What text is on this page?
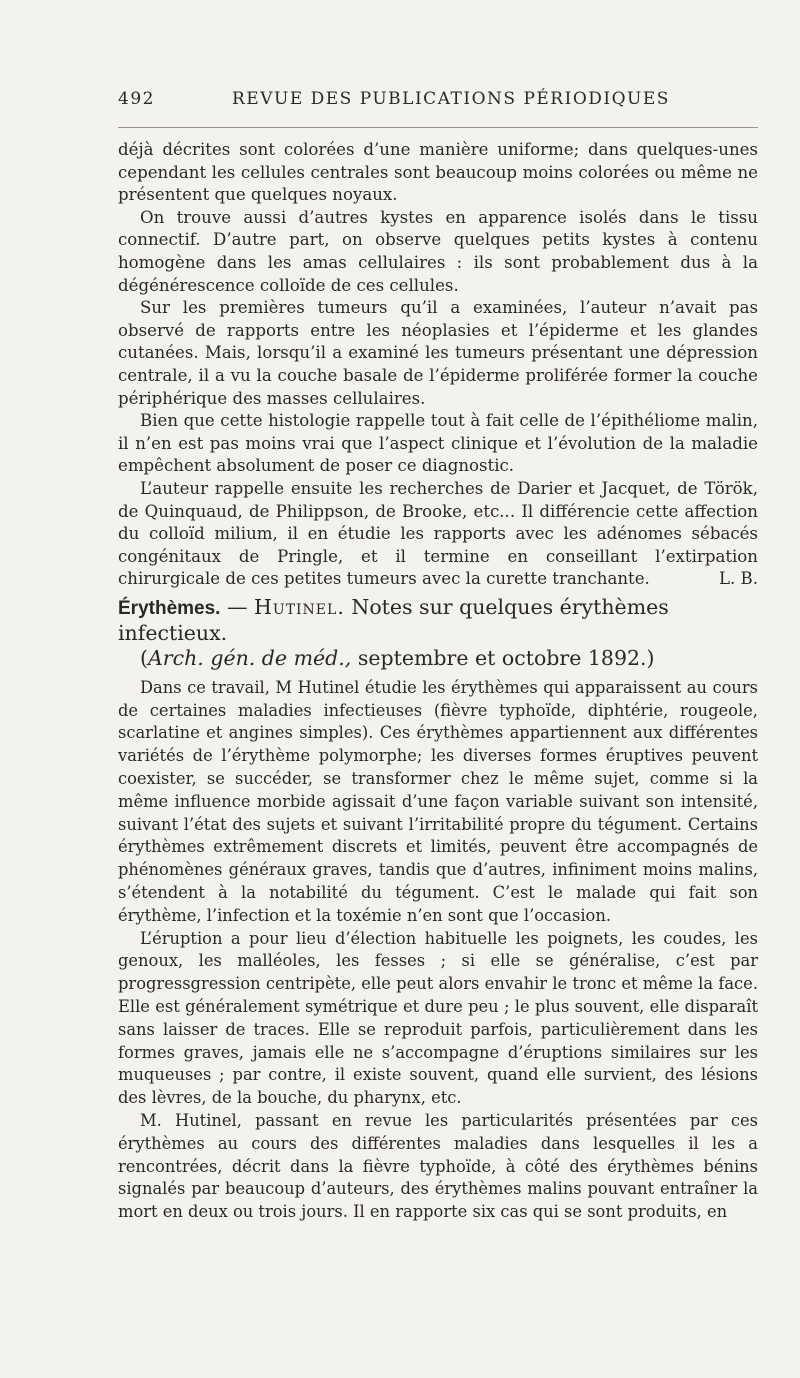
492	REVUE DES PUBLICATIONS PÉRIODIQUES

déjà décrites sont colorées d’une manière uniforme; dans quelques-unes cependant les cellules centrales sont beaucoup moins colorées ou même ne présentent que quelques noyaux.

On trouve aussi d’autres kystes en apparence isolés dans le tissu connectif. D’autre part, on observe quelques petits kystes à contenu homogène dans les amas cellulaires : ils sont probablement dus à la dégénérescence colloïde de ces cellules.

Sur les premières tumeurs qu’il a examinées, l’auteur n’avait pas observé de rapports entre les néoplasies et l’épiderme et les glandes cutanées. Mais, lorsqu’il a examiné les tumeurs présentant une dépression centrale, il a vu la couche basale de l’épiderme proliférée former la couche périphérique des masses cellulaires.

Bien que cette histologie rappelle tout à fait celle de l’épithéliome malin, il n’en est pas moins vrai que l’aspect clinique et l’évolution de la maladie empêchent absolument de poser ce diagnostic.

L’auteur rappelle ensuite les recherches de Darier et Jacquet, de Török, de Quinquaud, de Philippson, de Brooke, etc... Il différencie cette affection du colloïd milium, il en étudie les rapports avec les adénomes sébacés congénitaux de Pringle, et il termine en conseillant l’extirpation chirurgicale de ces petites tumeurs avec la curette tranchante.	L. B.

Érythèmes. — Hutinel. Notes sur quelques érythèmes infectieux.
(Arch. gén. de méd., septembre et octobre 1892.)

Dans ce travail, M Hutinel étudie les érythèmes qui apparaissent au cours de certaines maladies infectieuses (fièvre typhoïde, diphtérie, rougeole, scarlatine et angines simples). Ces érythèmes appartiennent aux différentes variétés de l’érythème polymorphe; les diverses formes éruptives peuvent coexister, se succéder, se transformer chez le même sujet, comme si la même influence morbide agissait d’une façon variable suivant son intensité, suivant l’état des sujets et suivant l’irritabilité propre du tégument. Certains érythèmes extrêmement discrets et limités, peuvent être accompagnés de phénomènes généraux graves, tandis que d’autres, infiniment moins malins, s’étendent à la notabilité du tégument. C’est le malade qui fait son érythème, l’infection et la toxémie n’en sont que l’occasion.

L’éruption a pour lieu d’élection habituelle les poignets, les coudes, les genoux, les malléoles, les fesses ; si elle se généralise, c’est par progressgression centripète, elle peut alors envahir le tronc et même la face. Elle est généralement symétrique et dure peu ; le plus souvent, elle disparaît sans laisser de traces. Elle se reproduit parfois, particulièrement dans les formes graves, jamais elle ne s’accompagne d’éruptions similaires sur les muqueuses ; par contre, il existe souvent, quand elle survient, des lésions des lèvres, de la bouche, du pharynx, etc.

M. Hutinel, passant en revue les particularités présentées par ces érythèmes au cours des différentes maladies dans lesquelles il les a rencontrées, décrit dans la fièvre typhoïde, à côté des érythèmes bénins signalés par beaucoup d’auteurs, des érythèmes malins pouvant entraîner la mort en deux ou trois jours. Il en rapporte six cas qui se sont produits, en
